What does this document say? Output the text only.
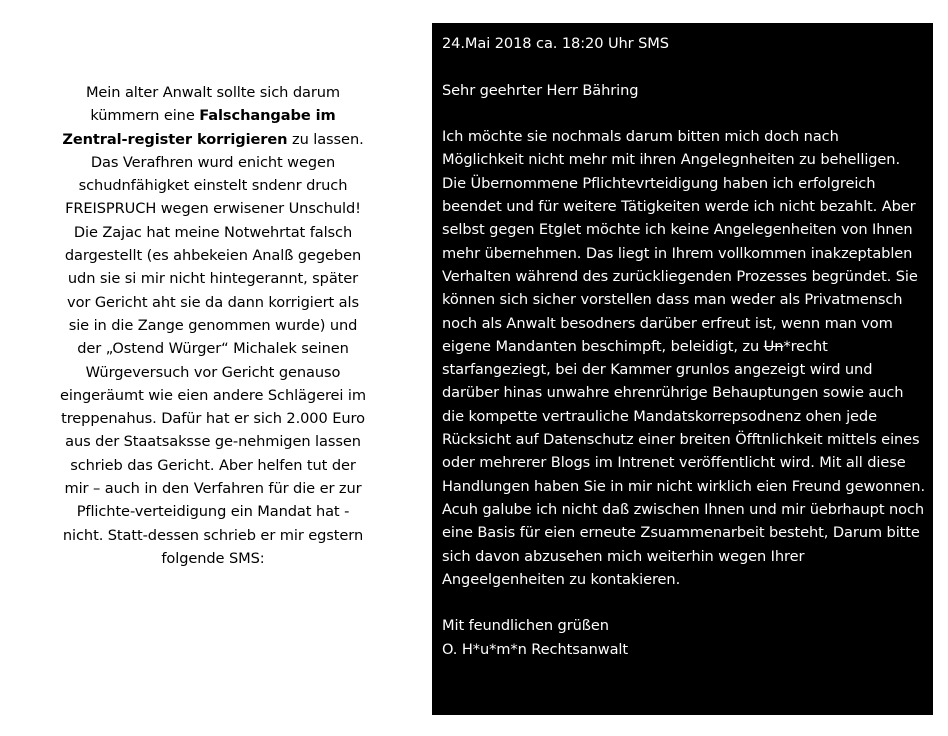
Mein alter Anwalt sollte sich darum kümmern eine Falschangabe im Zentral-register korrigieren zu lassen. Das Verafhren wurd enicht wegen schudnfähigket einstelt sndenr druch FREISPRUCH wegen erwisener Unschuld! Die Zajac hat meine Notwehrtat falsch dargestellt (es ahbekeien Analß gegeben udn sie si mir nicht hintegerannt, später vor Gericht aht sie da dann korrigiert als sie in die Zange genommen wurde) und der „Ostend Würger“ Michalek seinen Würgeversuch vor Gericht genauso eingeräumt wie eien andere Schlägerei im treppenahus. Dafür hat er sich 2.000 Euro aus der Staatsaksse ge-nehmigen lassen schrieb das Gericht. Aber helfen tut der mir – auch in den Verfahren für die er zur Pflichte-verteidigung ein Mandat hat - nicht. Statt-dessen schrieb er mir egstern folgende SMS:

24.Mai 2018 ca. 18:20 Uhr SMS

Sehr geehrter Herr Bähring

Ich möchte sie nochmals darum bitten mich doch nach Möglichkeit nicht mehr mit ihren Angelegnheiten zu behelligen. Die Übernommene Pflichtevrteidigung haben ich erfolgreich beendet und für weitere Tätigkeiten werde ich nicht bezahlt. Aber selbst gegen Etglet möchte ich keine Angelegenheiten von Ihnen mehr übernehmen. Das liegt in Ihrem vollkommen inakzeptablen Verhalten während des zurückliegenden Prozesses begründet. Sie können sich sicher vorstellen dass man weder als Privatmensch noch als Anwalt besodners darüber erfreut ist, wenn man vom eigene Mandanten beschimpft, beleidigt, zu Un*recht starfangeziegt, bei der Kammer grunlos angezeigt wird und darüber hinas unwahre ehrenrührige Behauptungen sowie auch die kompette vertrauliche Mandatskorrepsodnenz ohen jede Rücksicht auf Datenschutz einer breiten Öfftnlichkeit mittels eines oder mehrerer Blogs im Intrenet veröffentlicht wird. Mit all diese Handlungen haben Sie in mir nicht wirklich eien Freund gewonnen. Acuh galube ich nicht daß zwischen Ihnen und mir üebrhaupt noch eine Basis für eien erneute Zsuammenarbeit besteht, Darum bitte sich davon abzusehen mich weiterhin wegen Ihrer Angeelgenheiten zu kontakieren.

Mit feundlichen grüßen

O. H*u*m*n Rechtsanwalt
